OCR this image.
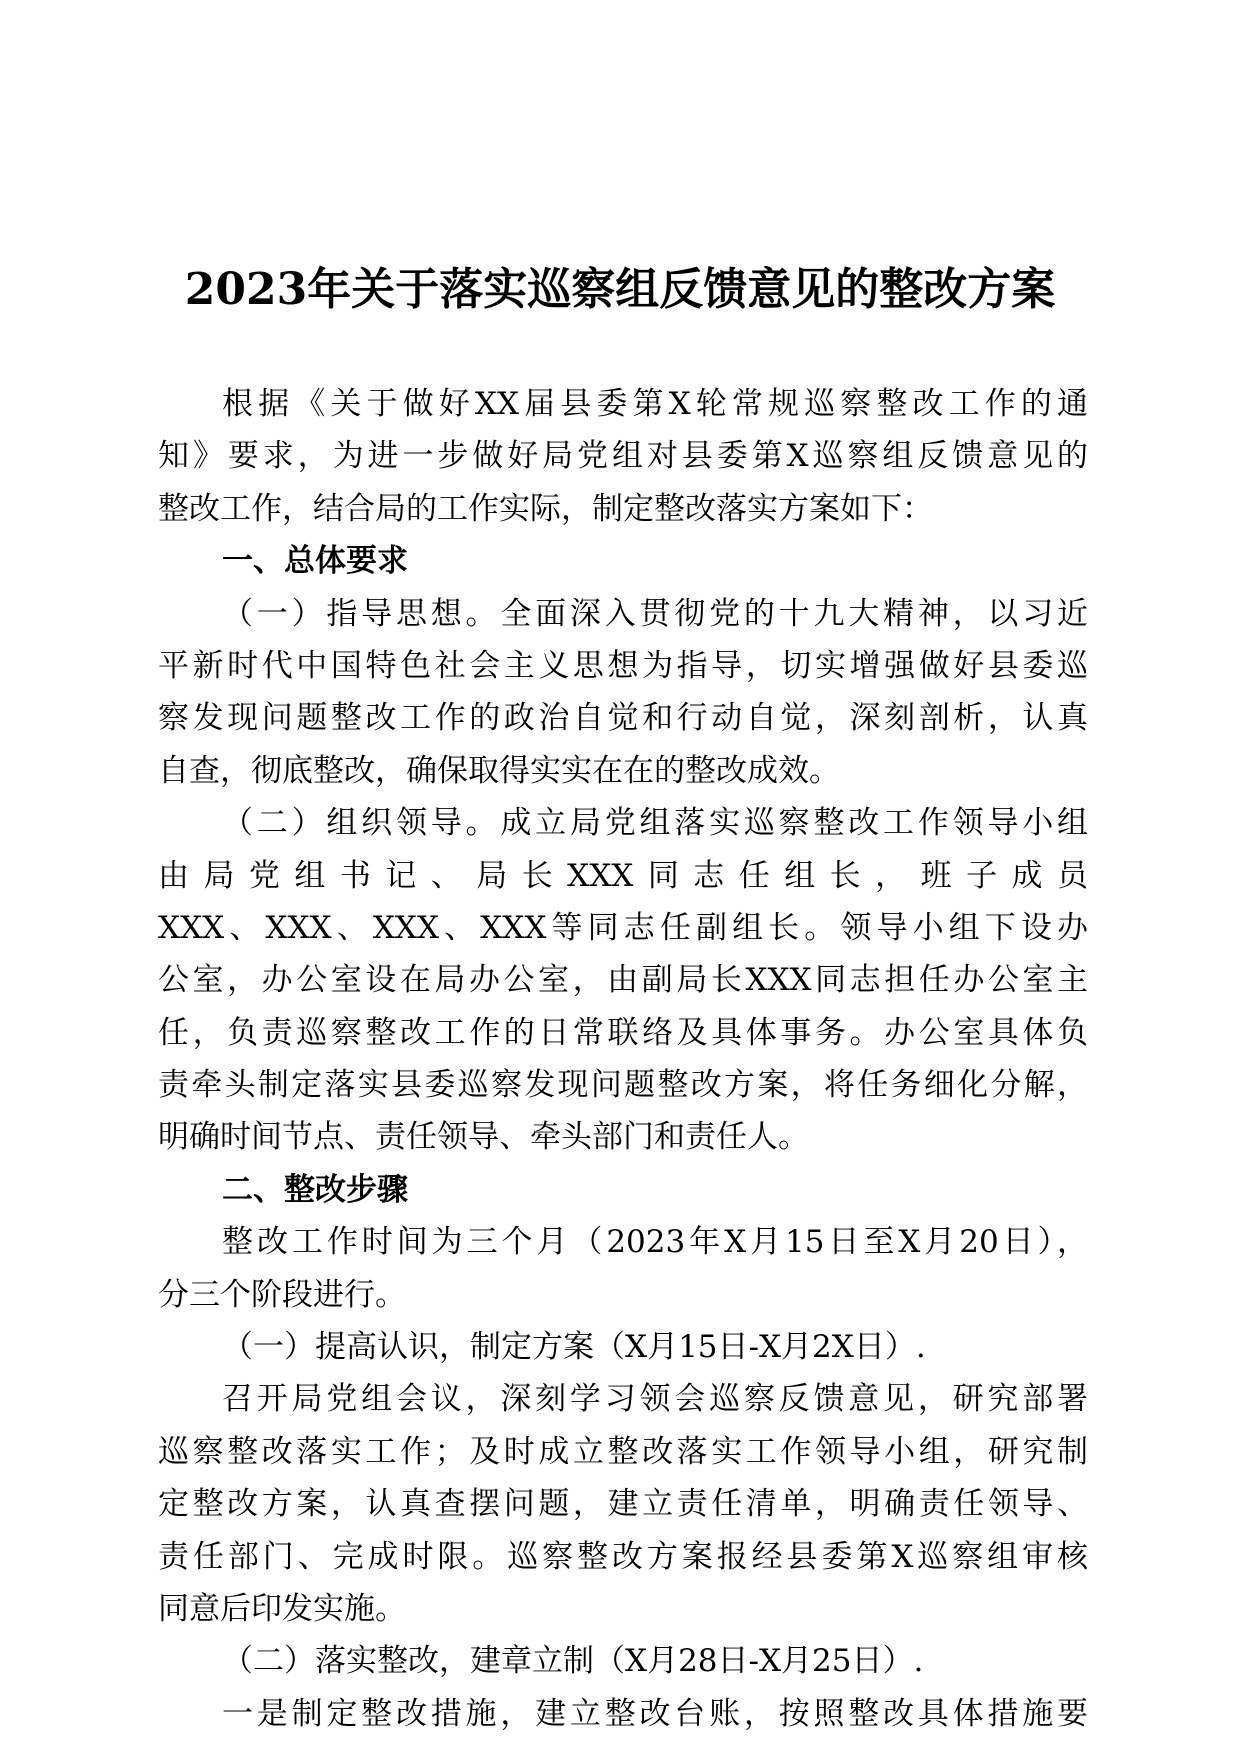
2023年关于落实巡察组反馈意见的整改方案
根据《关于做好XX届县委第X轮常规巡察整改工作的通
知》要求，为进一步做好局党组对县委第X巡察组反馈意见的
整改工作，结合局的工作实际，制定整改落实方案如下：
一、总体要求
（一）指导思想。全面深入贯彻党的十九大精神，以习近
平新时代中国特色社会主义思想为指导，切实增强做好县委巡
察发现问题整改工作的政治自觉和行动自觉，深刻剖析，认真
自查，彻底整改，确保取得实实在在的整改成效。
（二）组织领导。成立局党组落实巡察整改工作领导小组
由局党组书记、局长XXX同志任组长，班子成员
XXX、XXX、XXX、XXX等同志任副组长。领导小组下设办
公室，办公室设在局办公室，由副局长XXX同志担任办公室主
任，负责巡察整改工作的日常联络及具体事务。办公室具体负
责牵头制定落实县委巡察发现问题整改方案，将任务细化分解，
明确时间节点、责任领导、牵头部门和责任人。
二、整改步骤
整改工作时间为三个月（2023年X月15日至X月20日），
分三个阶段进行。
（一）提高认识，制定方案（X月15日-X月2X日）.
召开局党组会议，深刻学习领会巡察反馈意见，研究部署
巡察整改落实工作；及时成立整改落实工作领导小组，研究制
定整改方案，认真查摆问题，建立责任清单，明确责任领导、
责任部门、完成时限。巡察整改方案报经县委第X巡察组审核
同意后印发实施。
（二）落实整改，建章立制（X月28日-X月25日）.
一是制定整改措施，建立整改台账，按照整改具体措施要
